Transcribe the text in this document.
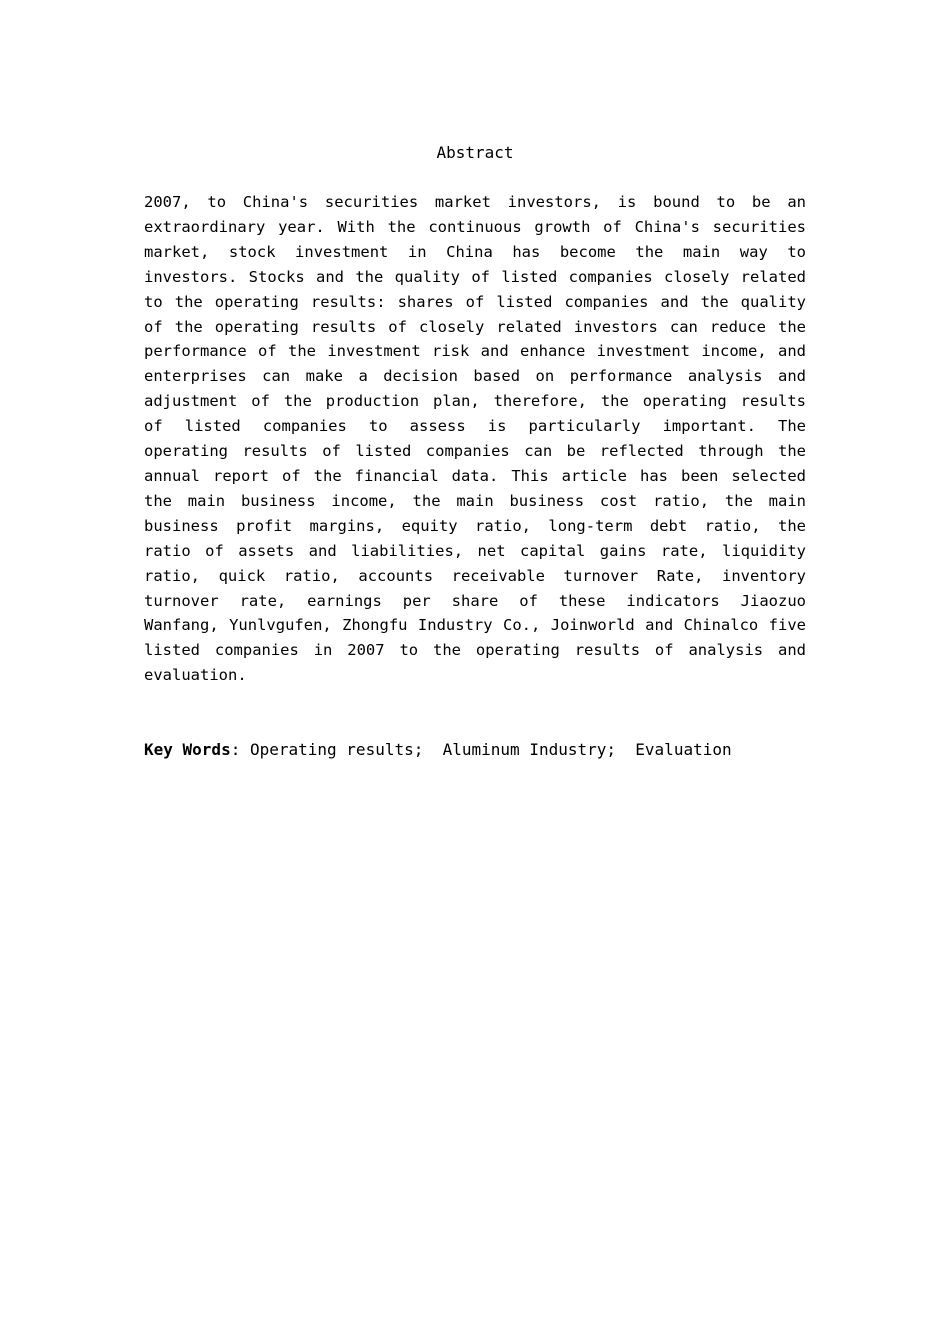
Abstract

2007, to China's securities market investors, is bound to be an extraordinary year. With the continuous growth of China's securities market, stock investment in China has become the main way to investors. Stocks and the quality of listed companies closely related to the operating results: shares of listed companies and the quality of the operating results of closely related investors can reduce the performance of the investment risk and enhance investment income, and enterprises can make a decision based on performance analysis and adjustment of the production plan, therefore, the operating results of listed companies to assess is particularly important. The operating results of listed companies can be reflected through the annual report of the financial data. This article has been selected the main business income, the main business cost ratio, the main business profit margins, equity ratio, long-term debt ratio, the ratio of assets and liabilities, net capital gains rate, liquidity ratio, quick ratio, accounts receivable turnover Rate, inventory turnover rate, earnings per share of these indicators Jiaozuo Wanfang, Yunlvgufen, Zhongfu Industry Co., Joinworld and Chinalco five listed companies in 2007 to the operating results of analysis and evaluation.

Key Words: Operating results;  Aluminum Industry;  Evaluation
